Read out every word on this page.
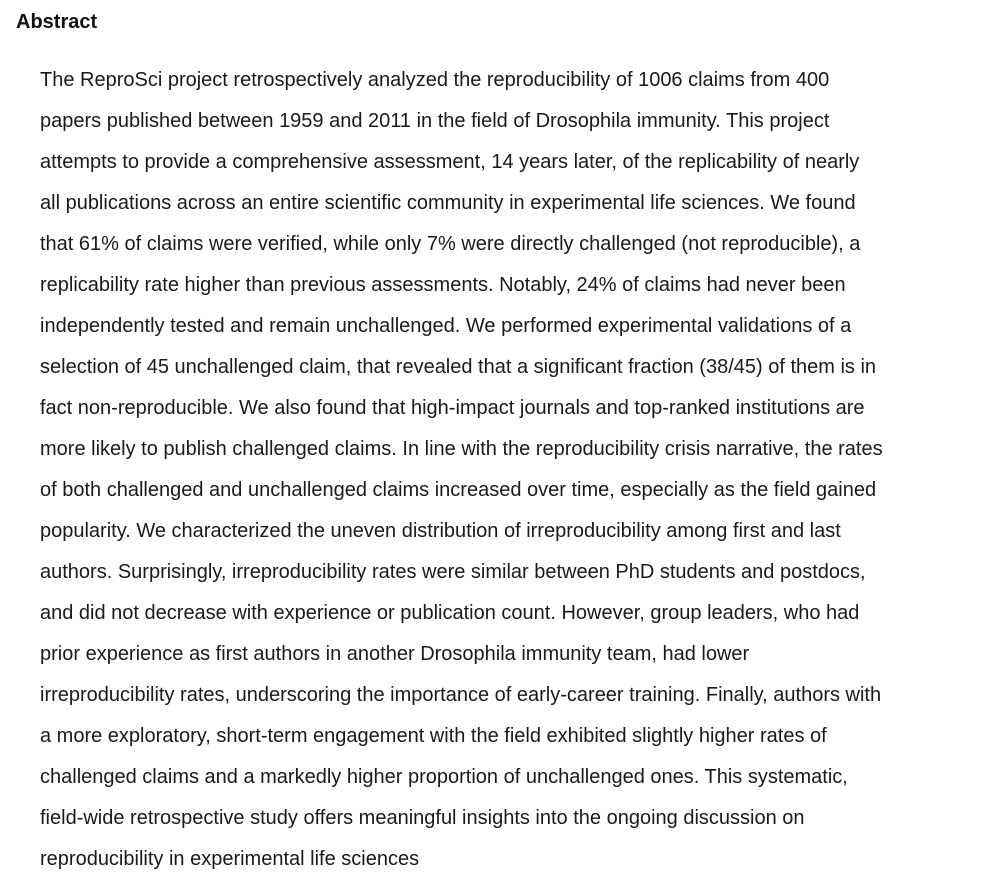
Abstract
The ReproSci project retrospectively analyzed the reproducibility of 1006 claims from 400
papers published between 1959 and 2011 in the field of Drosophila immunity. This project
attempts to provide a comprehensive assessment, 14 years later, of the replicability of nearly
all publications across an entire scientific community in experimental life sciences. We found
that 61% of claims were verified, while only 7% were directly challenged (not reproducible), a
replicability rate higher than previous assessments. Notably, 24% of claims had never been
independently tested and remain unchallenged. We performed experimental validations of a
selection of 45 unchallenged claim, that revealed that a significant fraction (38/45) of them is in
fact non-reproducible. We also found that high-impact journals and top-ranked institutions are
more likely to publish challenged claims. In line with the reproducibility crisis narrative, the rates
of both challenged and unchallenged claims increased over time, especially as the field gained
popularity. We characterized the uneven distribution of irreproducibility among first and last
authors. Surprisingly, irreproducibility rates were similar between PhD students and postdocs,
and did not decrease with experience or publication count. However, group leaders, who had
prior experience as first authors in another Drosophila immunity team, had lower
irreproducibility rates, underscoring the importance of early-career training. Finally, authors with
a more exploratory, short-term engagement with the field exhibited slightly higher rates of
challenged claims and a markedly higher proportion of unchallenged ones. This systematic,
field-wide retrospective study offers meaningful insights into the ongoing discussion on
reproducibility in experimental life sciences
